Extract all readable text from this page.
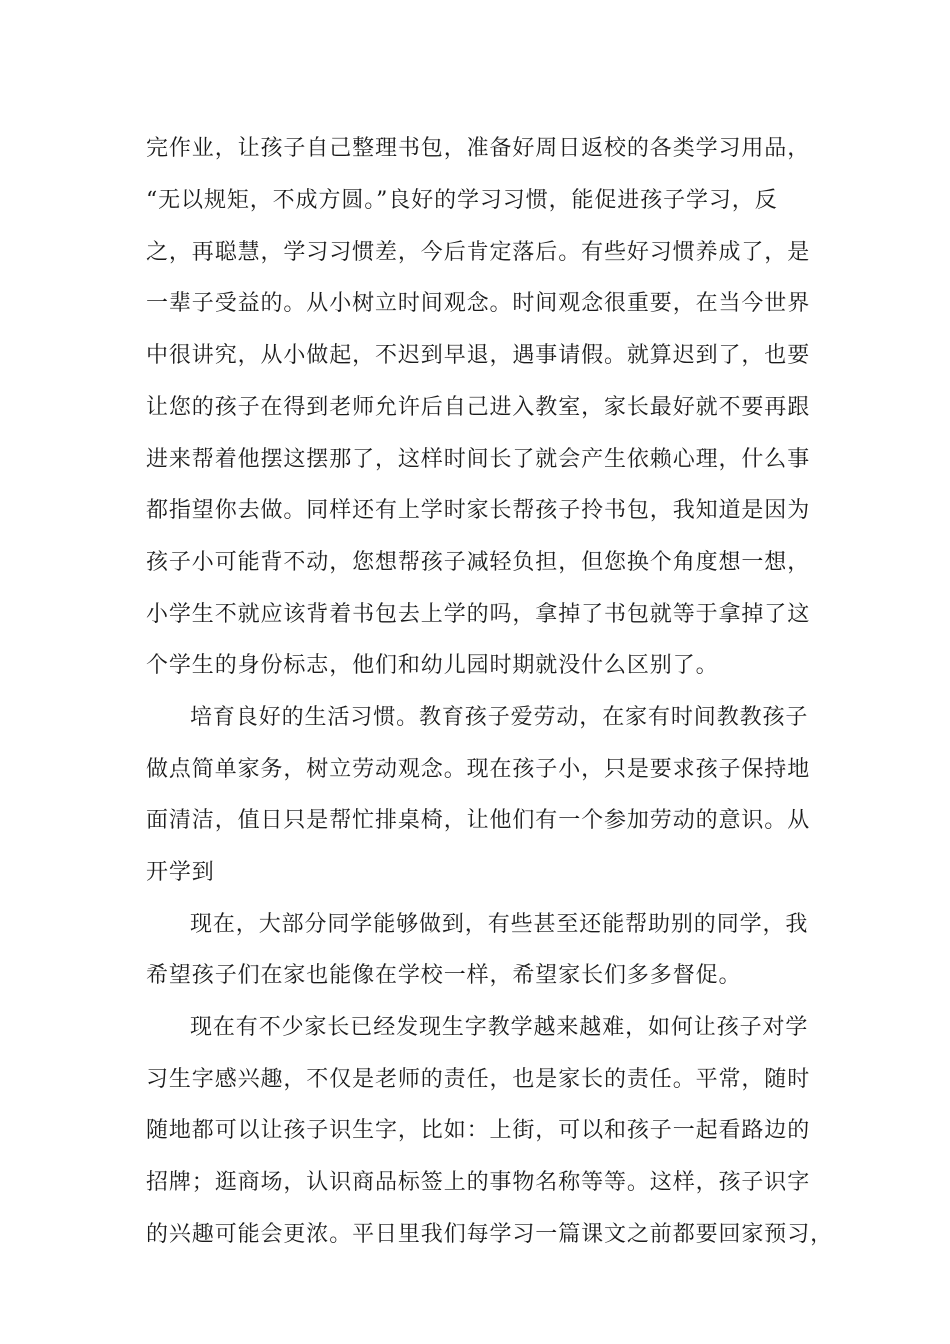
完作业，让孩子自己整理书包，准备好周日返校的各类学习用品，
“无以规矩，不成方圆。”良好的学习习惯，能促进孩子学习，反
之，再聪慧，学习习惯差，今后肯定落后。有些好习惯养成了，是
一辈子受益的。从小树立时间观念。时间观念很重要，在当今世界
中很讲究，从小做起，不迟到早退，遇事请假。就算迟到了，也要
让您的孩子在得到老师允许后自己进入教室，家长最好就不要再跟
进来帮着他摆这摆那了，这样时间长了就会产生依赖心理，什么事
都指望你去做。同样还有上学时家长帮孩子拎书包，我知道是因为
孩子小可能背不动，您想帮孩子减轻负担，但您换个角度想一想，
小学生不就应该背着书包去上学的吗，拿掉了书包就等于拿掉了这
个学生的身份标志，他们和幼儿园时期就没什么区别了。
培育良好的生活习惯。教育孩子爱劳动，在家有时间教教孩子
做点简单家务，树立劳动观念。现在孩子小，只是要求孩子保持地
面清洁，值日只是帮忙排桌椅，让他们有一个参加劳动的意识。从
开学到
现在，大部分同学能够做到，有些甚至还能帮助别的同学，我
希望孩子们在家也能像在学校一样，希望家长们多多督促。
现在有不少家长已经发现生字教学越来越难，如何让孩子对学
习生字感兴趣，不仅是老师的责任，也是家长的责任。平常，随时
随地都可以让孩子识生字，比如：上街，可以和孩子一起看路边的
招牌；逛商场，认识商品标签上的事物名称等等。这样，孩子识字
的兴趣可能会更浓。平日里我们每学习一篇课文之前都要回家预习，
